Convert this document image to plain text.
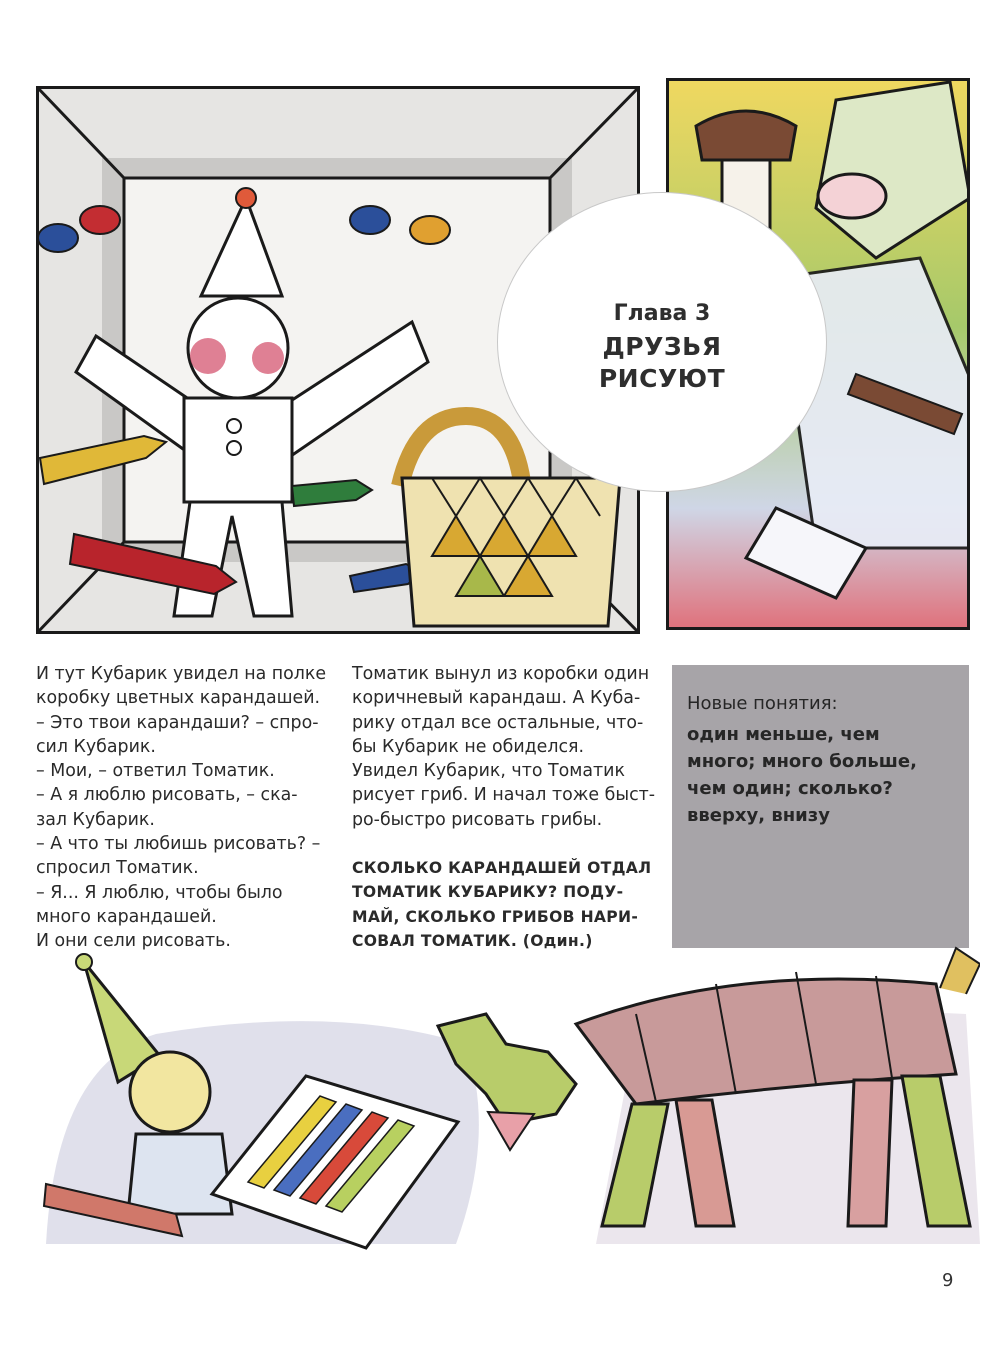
Глава 3
ДРУЗЬЯ
РИСУЮТ

И тут Кубарик увидел на полке

коробку цветных карандашей.

– Это твои карандаши? – спро-

сил Кубарик.

– Мои, – ответил Томатик.

– А я люблю рисовать, – ска-

зал Кубарик.

– А что ты любишь рисовать? –

спросил Томатик.

– Я... Я люблю, чтобы было

много карандашей.

И они сели рисовать.

Томатик вынул из коробки один

коричневый карандаш. А Куба-

рику отдал все остальные, что-

бы Кубарик не обиделся.

Увидел Кубарик, что Томатик

рисует гриб. И начал тоже быст-

ро-быстро рисовать грибы.

СКОЛЬКО КАРАНДАШЕЙ ОТДАЛ

ТОМАТИК КУБАРИКУ? ПОДУ-

МАЙ, СКОЛЬКО ГРИБОВ НАРИ-

СОВАЛ ТОМАТИК. (Один.)

Новые понятия:

один меньше, чем

много; много больше,

чем один; сколько?

вверху, внизу

9
